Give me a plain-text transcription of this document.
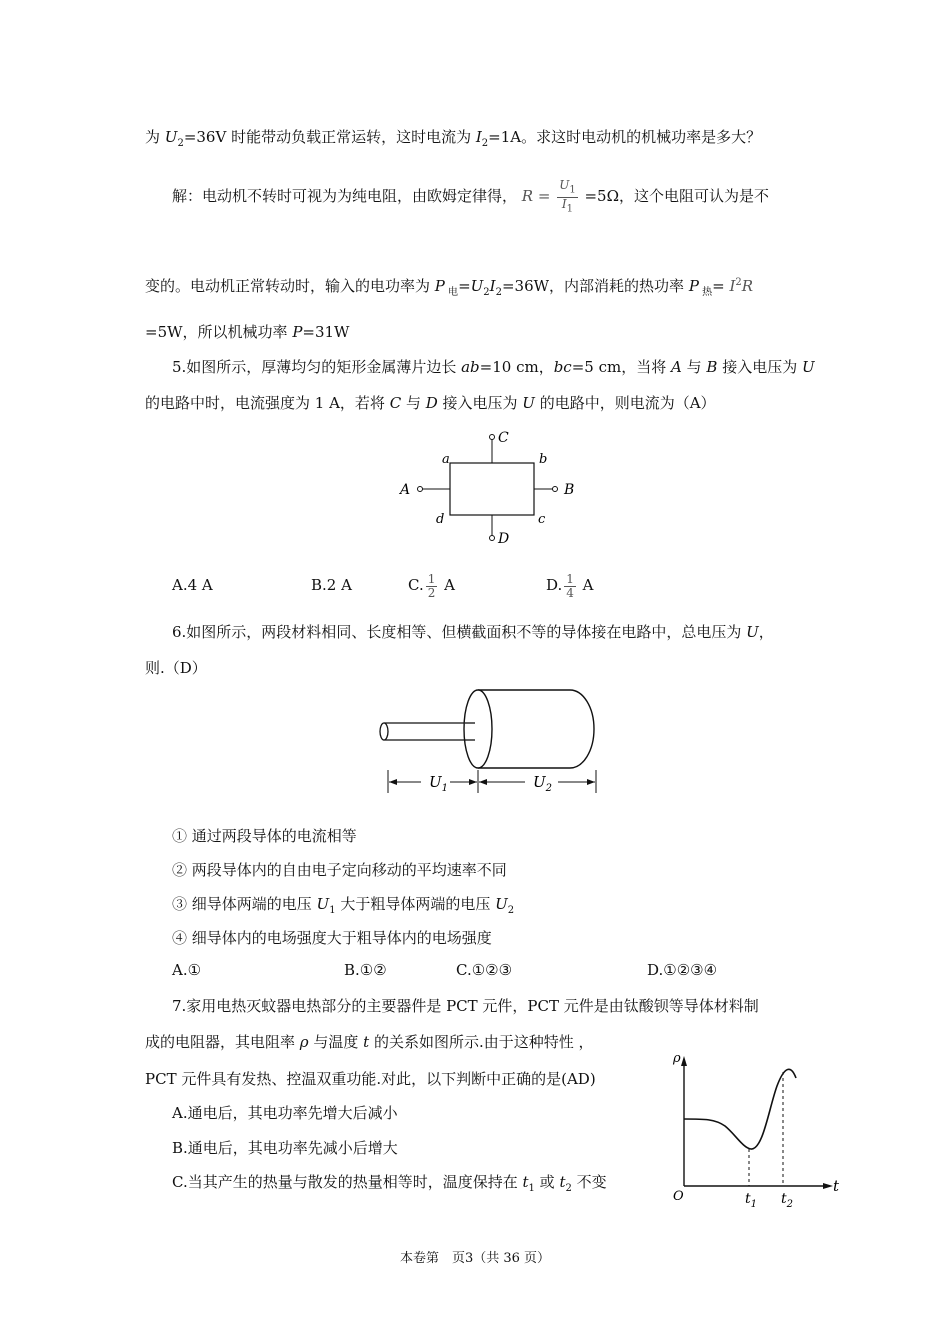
为 $U_2=36V$ 时能带动负载正常运转，这时电流为 $I_2=1A$。求这时电动机的机械功率是多大？
解：电动机不转时可视为为纯电阻，由欧姆定律得， $R = \frac{U_1}{I_1} =5\Omega$，这个电阻可认为是不
变的。电动机正常转动时，输入的电功率为 P $_电=U_2I_2=36W$，内部消耗的热功率 P $_热= I^2R$
=5W，所以机械功率 P=31W
5.如图所示，厚薄均匀的矩形金属薄片边长 ab=10 cm，bc=5 cm，当将 A 与 B 接入电压为 U
的电路中时，电流强度为 1 A，若将 C 与 D 接入电压为 U 的电路中，则电流为（A）
C
D
A	B
a	b
c
d
A.4 A	B.2 A	C. $\frac{1}{2}$ A	D. $\frac{1}{4}$ A
6.如图所示，两段材料相同、长度相等、但横截面积不等的导体接在电路中，总电压为 U，
则.（D）
$U_1$	$U_2$
① 通过两段导体的电流相等
② 两段导体内的自由电子定向移动的平均速率不同
③ 细导体两端的电压 $U_1$ 大于粗导体两端的电压 $U_2$
④ 细导体内的电场强度大于粗导体内的电场强度
A.①	B.①②	C.①②③	D.①②③④
7.家用电热灭蚊器电热部分的主要器件是 PCT 元件，PCT 元件是由钛酸钡等导体材料制
成的电阻器，其电阻率 ρ 与温度 t 的关系如图所示.由于这种特性 ，
PCT 元件具有发热、控温双重功能.对此，以下判断中正确的是(AD)
A.通电后，其电功率先增大后减小
B.通电后，其电功率先减小后增大
C.当其产生的热量与散发的热量相等时，温度保持在 $t_1$ 或 $t_2$ 不变
ρ
t
O	$t_1$ $t_2$
本卷第　页3（共 36 页）
